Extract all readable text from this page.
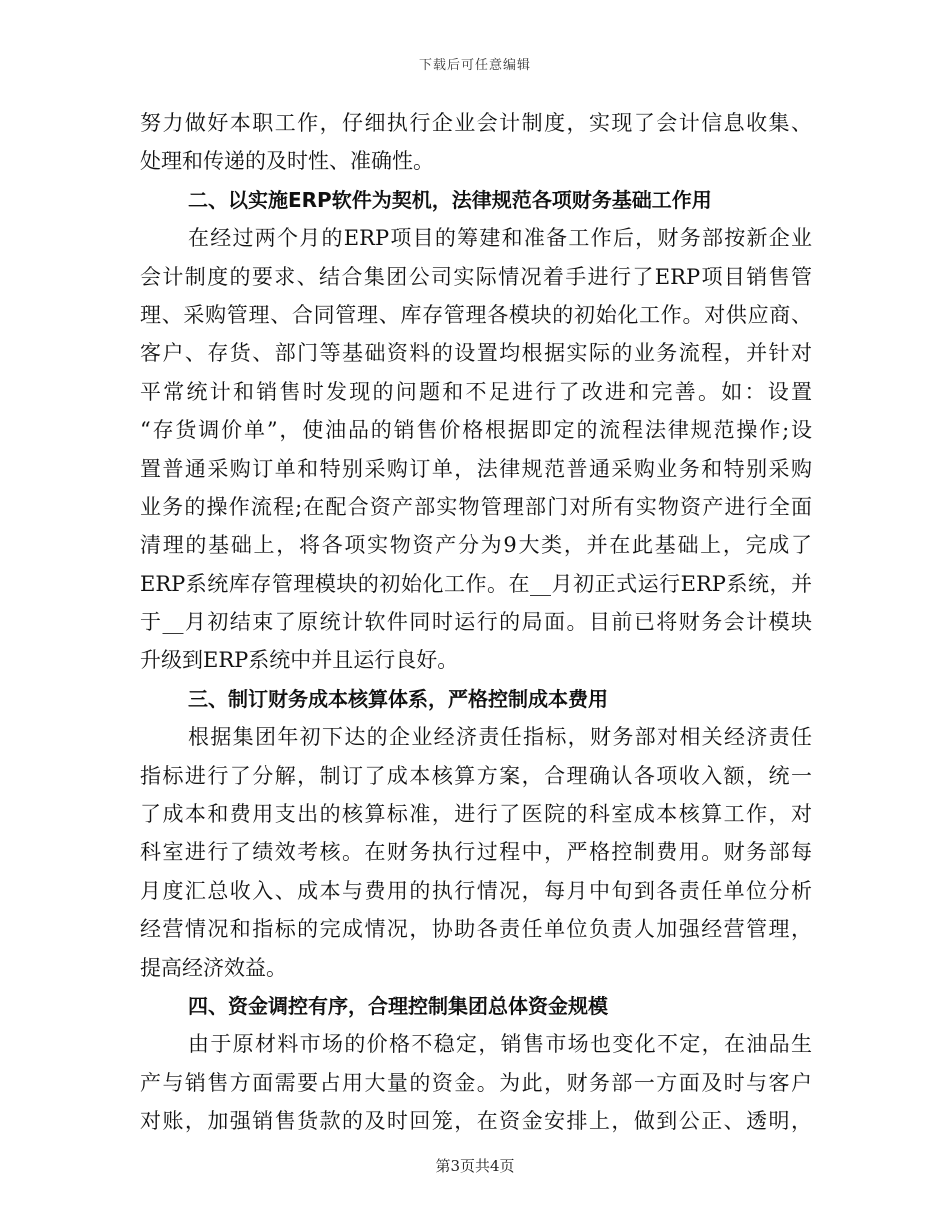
下载后可任意编辑
努力做好本职工作，仔细执行企业会计制度，实现了会计信息收集、
处理和传递的及时性、准确性。
二、以实施ERP软件为契机，法律规范各项财务基础工作用
在经过两个月的ERP项目的筹建和准备工作后，财务部按新企业
会计制度的要求、结合集团公司实际情况着手进行了ERP项目销售管
理、采购管理、合同管理、库存管理各模块的初始化工作。对供应商、
客户、存货、部门等基础资料的设置均根据实际的业务流程，并针对
平常统计和销售时发现的问题和不足进行了改进和完善。如：设置
“存货调价单”，使油品的销售价格根据即定的流程法律规范操作;设
置普通采购订单和特别采购订单，法律规范普通采购业务和特别采购
业务的操作流程;在配合资产部实物管理部门对所有实物资产进行全面
清理的基础上，将各项实物资产分为9大类，并在此基础上，完成了
ERP系统库存管理模块的初始化工作。在__月初正式运行ERP系统，并
于__月初结束了原统计软件同时运行的局面。目前已将财务会计模块
升级到ERP系统中并且运行良好。
三、制订财务成本核算体系，严格控制成本费用
根据集团年初下达的企业经济责任指标，财务部对相关经济责任
指标进行了分解，制订了成本核算方案，合理确认各项收入额，统一
了成本和费用支出的核算标准，进行了医院的科室成本核算工作，对
科室进行了绩效考核。在财务执行过程中，严格控制费用。财务部每
月度汇总收入、成本与费用的执行情况，每月中旬到各责任单位分析
经营情况和指标的完成情况，协助各责任单位负责人加强经营管理，
提高经济效益。
四、资金调控有序，合理控制集团总体资金规模
由于原材料市场的价格不稳定，销售市场也变化不定，在油品生
产与销售方面需要占用大量的资金。为此，财务部一方面及时与客户
对账，加强销售货款的及时回笼，在资金安排上，做到公正、透明，
第3页共4页
